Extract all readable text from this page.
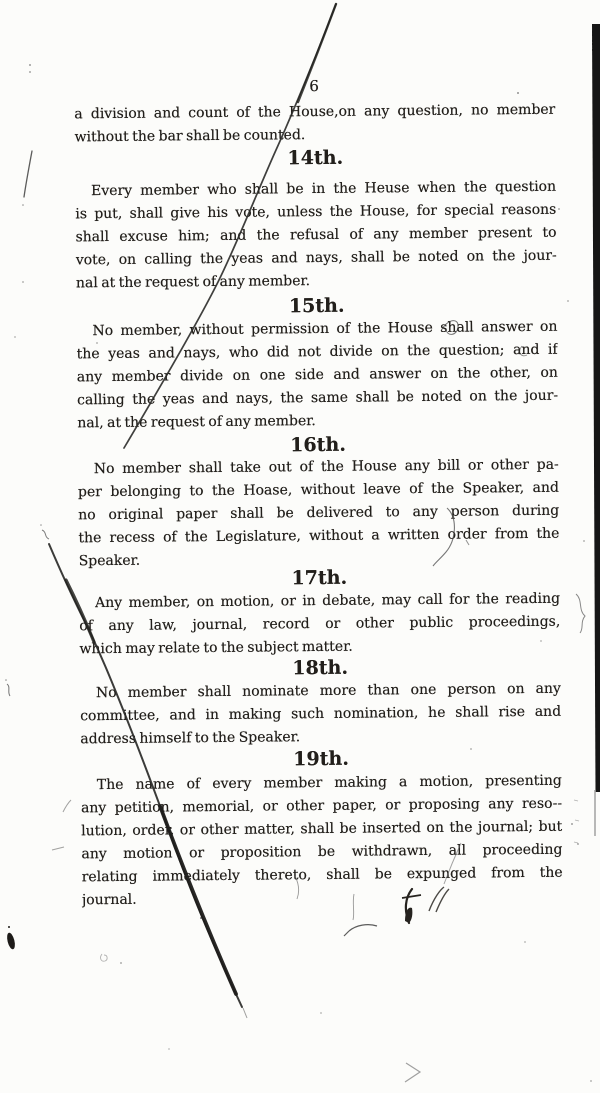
6
a division and count of the House,on any question, no member
without the bar shall be counted.
14th.
Every member who shall be in the Heuse when the question
is put, shall give his vote, unless the House, for special reasons
shall excuse him; and the refusal of any member present to
vote, on calling the yeas and nays, shall be noted on the jour-
nal at the request of any member.
15th.
No member, without permission of the House shall answer on
the yeas and nays, who did not divide on the question; and if
any member divide on one side and answer on the other, on
calling the yeas and nays, the same shall be noted on the jour-
nal, at the request of any member.
16th.
No member shall take out of the House any bill or other pa-
per belonging to the Hoase, without leave of the Speaker, and
no original paper shall be delivered to any person during
the recess of the Legislature, without a written order from the
Speaker.
17th.
Any member, on motion, or in debate, may call for the reading
of any law, journal, record or other public proceedings,
which may relate to the subject matter.
18th.
No member shall nominate more than one person on any
committee, and in making such nomination, he shall rise and
address himself to the Speaker.
19th.
The name of every member making a motion, presenting
any petition, memorial, or other paper, or proposing any reso--
lution, order, or other matter, shall be inserted on the journal; but
any motion or proposition be withdrawn, all proceeding
relating immediately thereto, shall be expunged from the
journal.
